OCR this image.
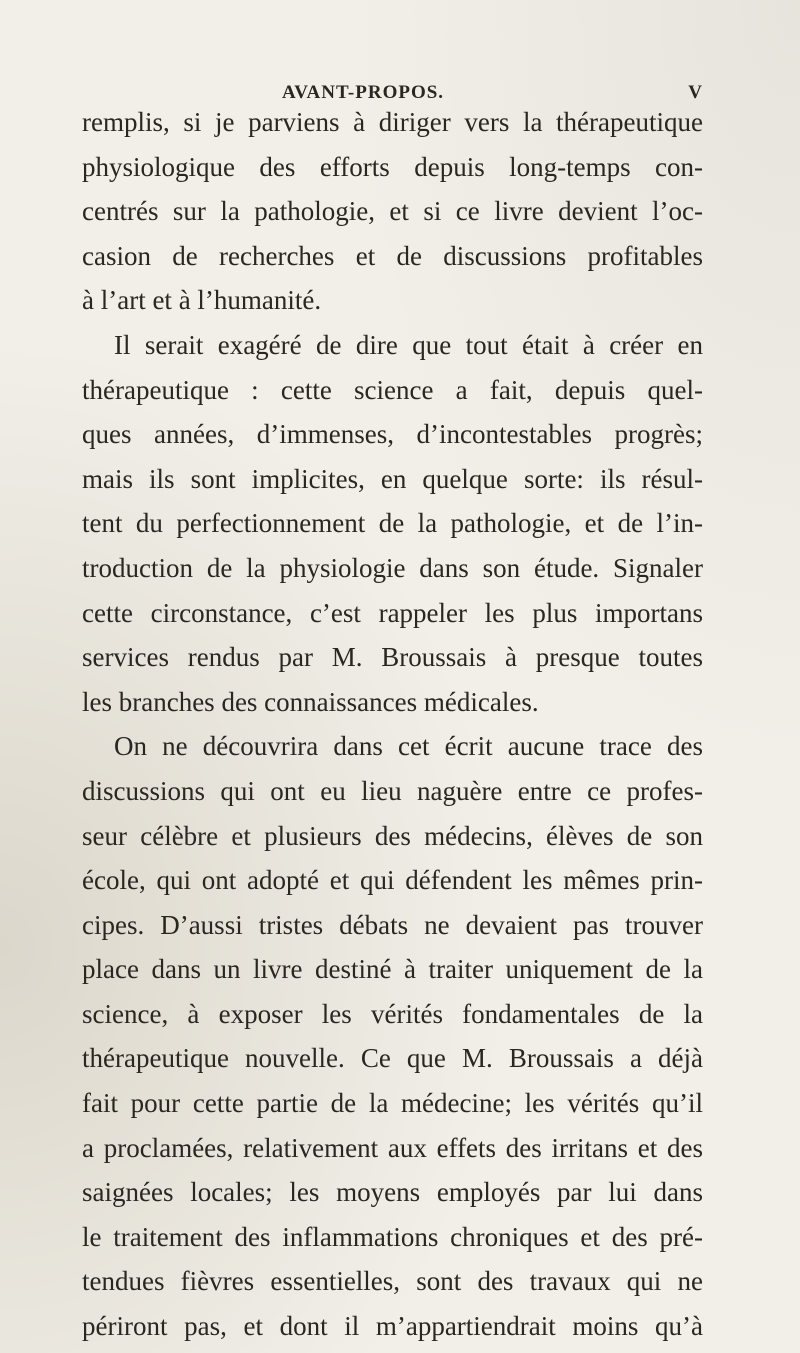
AVANT-PROPOS.	V
remplis, si je parviens à diriger vers la thérapeutique
physiologique des efforts depuis long-temps con-
centrés sur la pathologie, et si ce livre devient l’oc-
casion de recherches et de discussions profitables
à l’art et à l’humanité.
Il serait exagéré de dire que tout était à créer en
thérapeutique : cette science a fait, depuis quel-
ques années, d’immenses, d’incontestables progrès;
mais ils sont implicites, en quelque sorte: ils résul-
tent du perfectionnement de la pathologie, et de l’in-
troduction de la physiologie dans son étude. Signaler
cette circonstance, c’est rappeler les plus importans
services rendus par M. Broussais à presque toutes
les branches des connaissances médicales.
On ne découvrira dans cet écrit aucune trace des
discussions qui ont eu lieu naguère entre ce profes-
seur célèbre et plusieurs des médecins, élèves de son
école, qui ont adopté et qui défendent les mêmes prin-
cipes. D’aussi tristes débats ne devaient pas trouver
place dans un livre destiné à traiter uniquement de la
science, à exposer les vérités fondamentales de la
thérapeutique nouvelle. Ce que M. Broussais a déjà
fait pour cette partie de la médecine; les vérités qu’il
a proclamées, relativement aux effets des irritans et des
saignées locales; les moyens employés par lui dans
le traitement des inflammations chroniques et des pré-
tendues fièvres essentielles, sont des travaux qui ne
périront pas, et dont il m’appartiendrait moins qu’à
